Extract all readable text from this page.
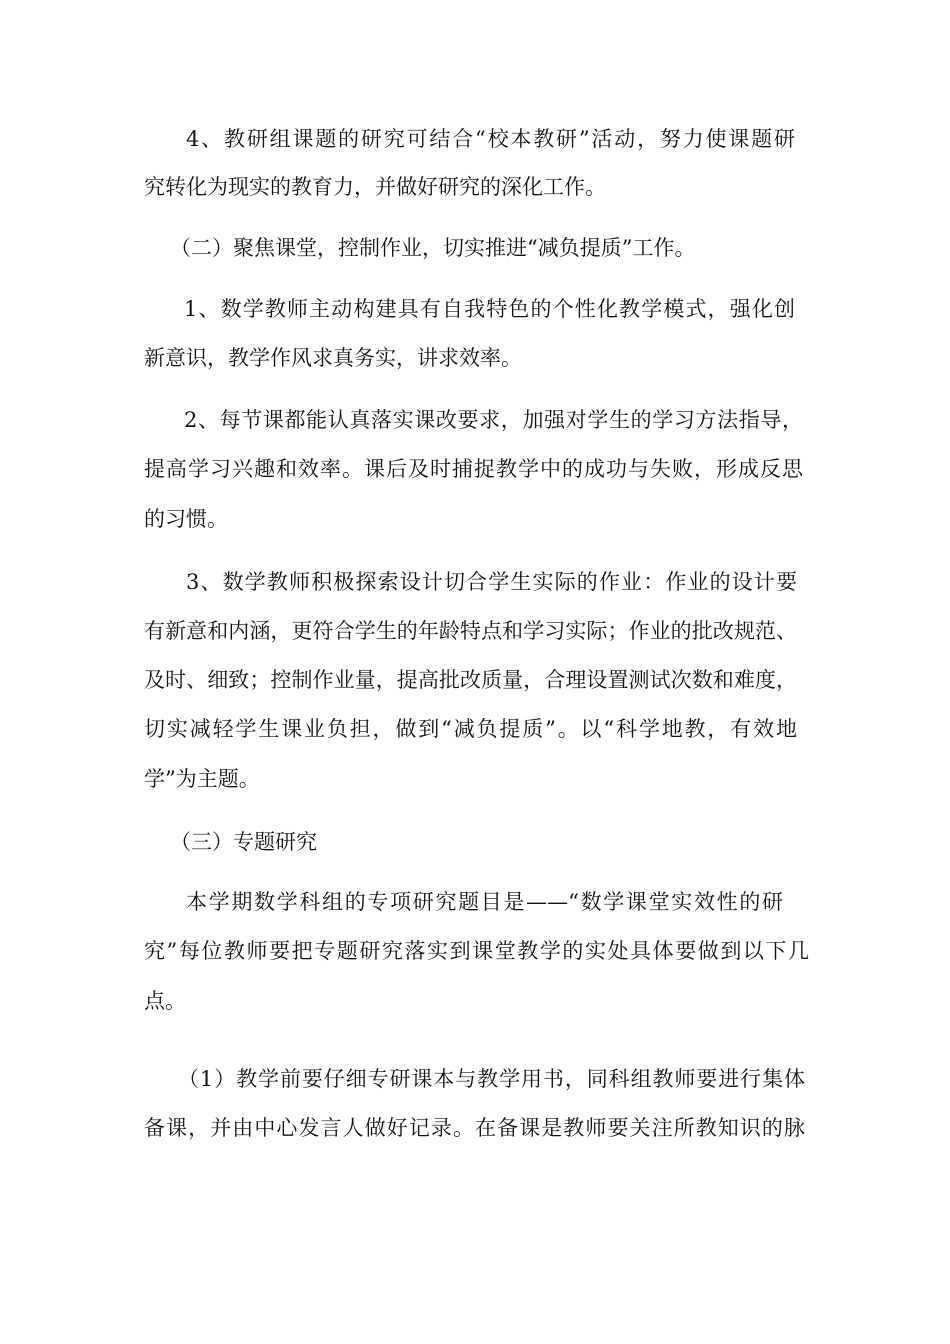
4、教研组课题的研究可结合“校本教研”活动，努力使课题研
究转化为现实的教育力，并做好研究的深化工作。
（二）聚焦课堂，控制作业，切实推进“减负提质”工作。
1、数学教师主动构建具有自我特色的个性化教学模式，强化创
新意识，教学作风求真务实，讲求效率。
2、每节课都能认真落实课改要求，加强对学生的学习方法指导，
提高学习兴趣和效率。课后及时捕捉教学中的成功与失败，形成反思
的习惯。
3、数学教师积极探索设计切合学生实际的作业：作业的设计要
有新意和内涵，更符合学生的年龄特点和学习实际；作业的批改规范、
及时、细致；控制作业量，提高批改质量，合理设置测试次数和难度，
切实减轻学生课业负担，做到“减负提质”。以“科学地教，有效地
学”为主题。
（三）专题研究
本学期数学科组的专项研究题目是——“数学课堂实效性的研
究”每位教师要把专题研究落实到课堂教学的实处具体要做到以下几
点。
（1）教学前要仔细专研课本与教学用书，同科组教师要进行集体
备课，并由中心发言人做好记录。在备课是教师要关注所教知识的脉
